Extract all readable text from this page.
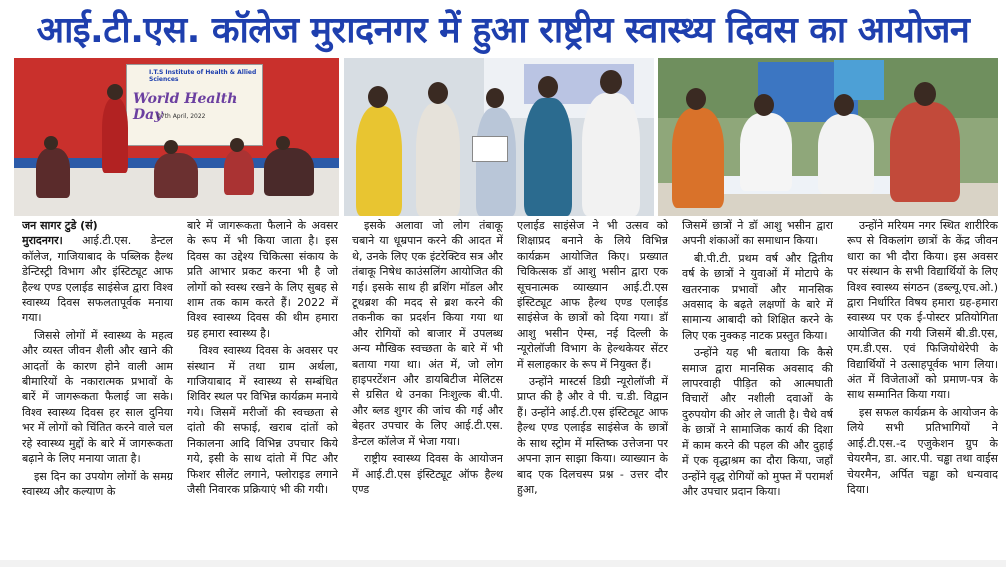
आई.टी.एस. कॉलेज मुरादनगर में हुआ राष्ट्रीय स्वास्थ्य दिवस का आयोजन
I.T.S Institute of Health & Allied Sciences
World Health Day
07th April, 2022

जन सागर टुडे (सं)
मुरादनगर। आई.टी.एस. डेन्टल कॉलेज, गाजियाबाद के पब्लिक हैल्थ डेन्टिस्ट्री विभाग और इंस्टिट्यूट आफ हैल्थ एण्ड एलाईड साइंसेज द्वारा विश्व स्वास्थ्य दिवस सफलतापूर्वक मनाया गया।

जिससे लोगों में स्वास्थ्य के महत्व और व्यस्त जीवन शैली और खाने की आदतों के कारण होने वाली आम बीमारियों के नकारात्मक प्रभावों के बारें में जागरूकता फैलाई जा सके। विश्व स्वास्थ्य दिवस हर साल दुनिया भर में लोगों को चिंतित करने वाले चल रहे स्वास्थ्य मुद्दों के बारे में जागरूकता बढ़ाने के लिए मनाया जाता है।

इस दिन का उपयोग लोगों के समग्र स्वास्थ्य और कल्याण के

बारे में जागरूकता फैलाने के अवसर के रूप में भी किया जाता है। इस दिवस का उद्देश्य चिकित्सा संकाय के प्रति आभार प्रकट करना भी है जो लोगों को स्वस्थ रखने के लिए सुबह से शाम तक काम करते हैं। 2022 में विश्व स्वास्थ्य दिवस की थीम हमारा ग्रह हमारा स्वास्थ्य है।

विश्व स्वास्थ्य दिवस के अवसर पर संस्थान में तथा ग्राम अर्थला, गाजियाबाद में स्वास्थ्य से सम्बंधित शिविर स्थल पर विभिन्न कार्यक्रम मनाये गये। जिसमें मरीजों की स्वच्छता से दांतो की सफाई, खराब दांतों को निकालना आदि विभिन्न उपचार किये गये, इसी के साथ दांतो में पिट और फिशर सीलेंट लगाने, फ्लोराइड लगाने जैसी निवारक प्रक्रियाएं भी की गयी।

इसके अलावा जो लोग तंबाकू चबाने या धूम्रपान करने की आदत में थे, उनके लिए एक इंटरेक्टिव सत्र और तंबाकू निषेध काउंसलिंग आयोजित की गई। इसके साथ ही ब्रशिंग मॉडल और टूथब्रश की मदद से ब्रश करने की तकनीक का प्रदर्शन किया गया था और रोगियों को बाजार में उपलब्ध अन्य मौखिक स्वच्छता के बारे में भी बताया गया था। अंत में, जो लोग हाइपरटेंशन और डायबिटीज मेलिटस से ग्रसित थे उनका निःशुल्क बी.पी. और ब्लड शुगर की जांच की गई और बेहतर उपचार के लिए आई.टी.एस. डेन्टल कॉलेज में भेजा गया।

राष्ट्रीय स्वास्थ्य दिवस के आयोजन में आई.टी.एस इंस्टिट्यूट ऑफ हैल्थ एण्ड

एलाईड साइंसेज ने भी उत्सव को शिक्षाप्रद बनाने के लिये विभिन्न कार्यक्रम आयोजित किए। प्रख्यात चिकित्सक डॉ आशु भसीन द्वारा एक सूचनात्मक व्याख्यान आई.टी.एस इंस्टिट्यूट आफ हैल्थ एण्ड एलाईड साइंसेज के छात्रों को दिया गया। डॉ आशु भसीन ऐम्स, नई दिल्ली के न्यूरोलॉजी विभाग के हेल्थकेयर सेंटर में सलाहकार के रूप में नियुक्त हैं।

उन्होंने मास्टर्स डिग्री न्यूरोलॉजी में प्राप्त की है और वे पी. च.डी. विद्वान हैं। उन्होंने आई.टी.एस इंस्टिट्यूट आफ हैल्थ एण्ड एलाईड साइंसेज के छात्रों के साथ स्ट्रोम में मस्तिष्क उत्तेजना पर अपना ज्ञान साझा किया। व्याख्यान के बाद एक दिलचस्प प्रश्न - उत्तर दौर हुआ,

जिसमें छात्रों ने डॉ आशु भसीन द्वारा अपनी शंकाओं का समाधान किया।

बी.पी.टी. प्रथम वर्ष और द्वितीय वर्ष के छात्रों ने युवाओं में मोटापे के खतरनाक प्रभावों और मानसिक अवसाद के बढ़ते लक्षणों के बारे में सामान्य आबादी को शिक्षित करने के लिए एक नुक्कड़ नाटक प्रस्तुत किया।

उन्होंने यह भी बताया कि कैसे समाज द्वारा मानसिक अवसाद की लापरवाही पीड़ित को आत्मघाती विचारों और नशीली दवाओं के दुरुपयोग की ओर ले जाती है। चैथे वर्ष के छात्रों ने सामाजिक कार्य की दिशा में काम करने की पहल की और दुहाई में एक वृद्धाश्रम का दौरा किया, जहाँ उन्होंने वृद्ध रोगियों को मुफ्त में परामर्श और उपचार प्रदान किया।

उन्होंने मरियम नगर स्थित शारीरिक रूप से विकलांग छात्रों के केंद्र जीवन धारा का भी दौरा किया। इस अवसर पर संस्थान के सभी विद्यार्थियों के लिए विश्व स्वास्थ्य संगठन (डब्ल्यू.एच.ओ.) द्वारा निर्धारित विषय हमारा ग्रह-हमारा स्वास्थ्य पर एक ई-पोस्टर प्रतियोगिता आयोजित की गयी जिसमें बी.डी.एस, एम.डी.एस. एवं फिजियोथेरेपी के विद्यार्थियों ने उत्साहपूर्वक भाग लिया। अंत में विजेताओं को प्रमाण-पत्र के साथ सम्मानित किया गया।

इस सफल कार्यक्रम के आयोजन के लिये सभी प्रतिभागियों ने आई.टी.एस.-द एजुकेशन ग्रुप के चेयरमैन, डा. आर.पी. चड्ढा तथा वाईस चेयरमैन, अर्पित चड्ढा को धन्यवाद दिया।
